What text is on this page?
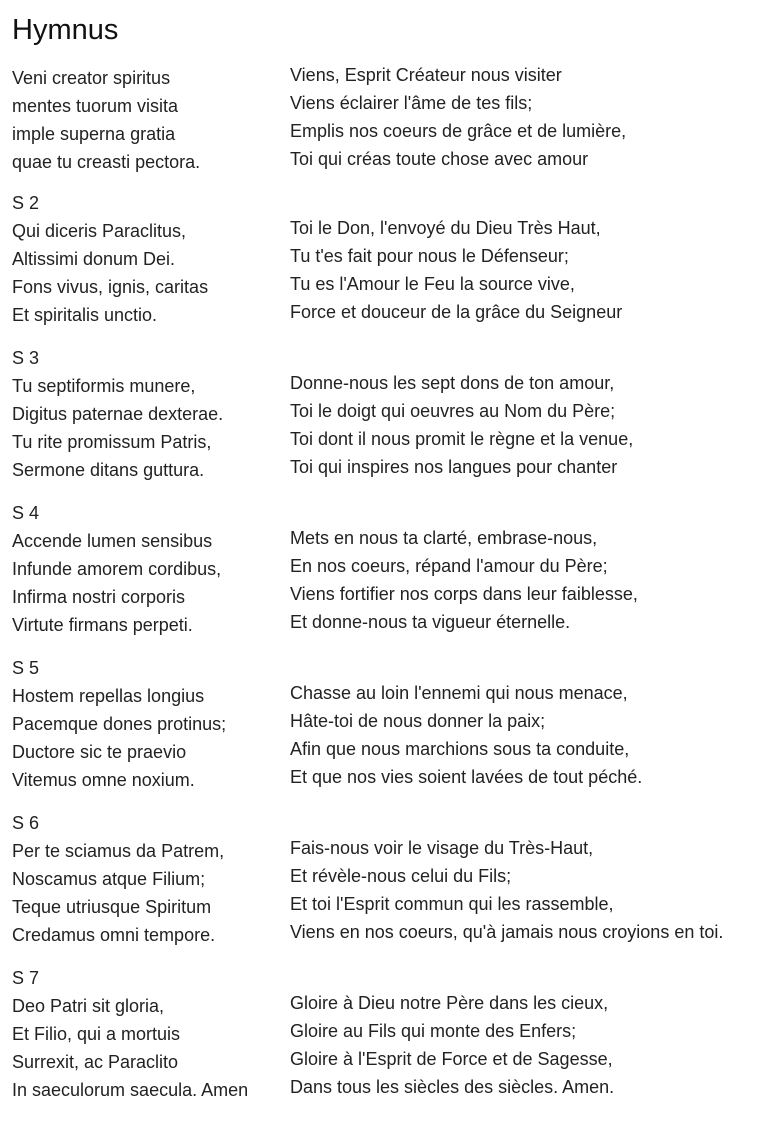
Hymnus
Veni creator spiritus
mentes tuorum visita
imple superna gratia
quae tu creasti pectora.
Viens, Esprit Créateur nous visiter
Viens éclairer l'âme de tes fils;
Emplis nos coeurs de grâce et de lumière,
Toi qui créas toute chose avec amour
S 2
Qui diceris Paraclitus,
Altissimi donum Dei.
Fons vivus, ignis, caritas
Et spiritalis unctio.
Toi le Don, l'envoyé du Dieu Très Haut,
Tu t'es fait pour nous le Défenseur;
Tu es l'Amour le Feu la source vive,
Force et douceur de la grâce du Seigneur
S 3
Tu septiformis munere,
Digitus paternae dexterae.
Tu rite promissum Patris,
Sermone ditans guttura.
Donne-nous les sept dons de ton amour,
Toi le doigt qui oeuvres au Nom du Père;
Toi dont il nous promit le règne et la venue,
Toi qui inspires nos langues pour chanter
S 4
Accende lumen sensibus
Infunde amorem cordibus,
Infirma nostri corporis
Virtute firmans perpeti.
Mets en nous ta clarté, embrase-nous,
En nos coeurs, répand l'amour du Père;
Viens fortifier nos corps dans leur faiblesse,
Et donne-nous ta vigueur éternelle.
S 5
Hostem repellas longius
Pacemque dones protinus;
Ductore sic te praevio
Vitemus omne noxium.
Chasse au loin l'ennemi qui nous menace,
Hâte-toi de nous donner la paix;
Afin que nous marchions sous ta conduite,
Et que nos vies soient lavées de tout péché.
S 6
Per te sciamus da Patrem,
Noscamus atque Filium;
Teque utriusque Spiritum
Credamus omni tempore.
Fais-nous voir le visage du Très-Haut,
Et révèle-nous celui du Fils;
Et toi l'Esprit commun qui les rassemble,
Viens en nos coeurs, qu'à jamais nous croyions en toi.
S 7
Deo Patri sit gloria,
Et Filio, qui a mortuis
Surrexit, ac Paraclito
In saeculorum saecula. Amen
Gloire à Dieu notre Père dans les cieux,
Gloire au Fils qui monte des Enfers;
Gloire à l'Esprit de Force et de Sagesse,
Dans tous les siècles des siècles. Amen.
